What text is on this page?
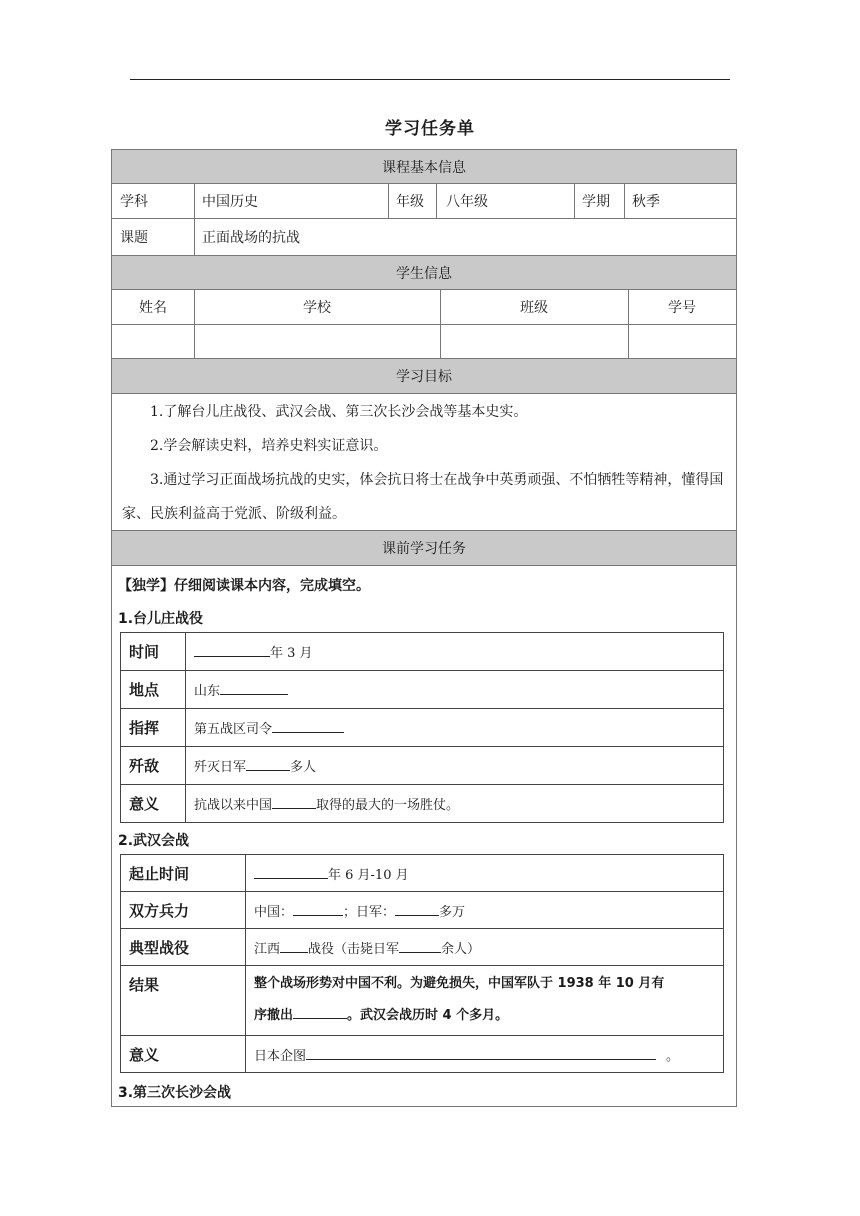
学习任务单
课程基本信息
学科	中国历史	年级 八年级	学期 秋季
课题	正面战场的抗战
学生信息
姓名	学校	班级	学号
学习目标
1.了解台儿庄战役、武汉会战、第三次长沙会战等基本史实。
2.学会解读史料，培养史料实证意识。
3.通过学习正面战场抗战的史实，体会抗日将士在战争中英勇顽强、不怕牺牲等精神，懂得国家、民族利益高于党派、阶级利益。
课前学习任务
【独学】仔细阅读课本内容，完成填空。
1.台儿庄战役
时间	年 3 月
地点	山东
指挥	第五战区司令
歼敌	歼灭日军 多人
意义	抗战以来中国 取得的最大的一场胜仗。
2.武汉会战
起止时间	年 6 月-10 月
双方兵力	中国： ；日军： 多万
典型战役	江西 战役（击毙日军 余人）
结果	整个战场形势对中国不利。为避免损失，中国军队于 1938 年 10 月有
序撤出 。武汉会战历时 4 个多月。

意义	日本企图 。
3.第三次长沙会战
